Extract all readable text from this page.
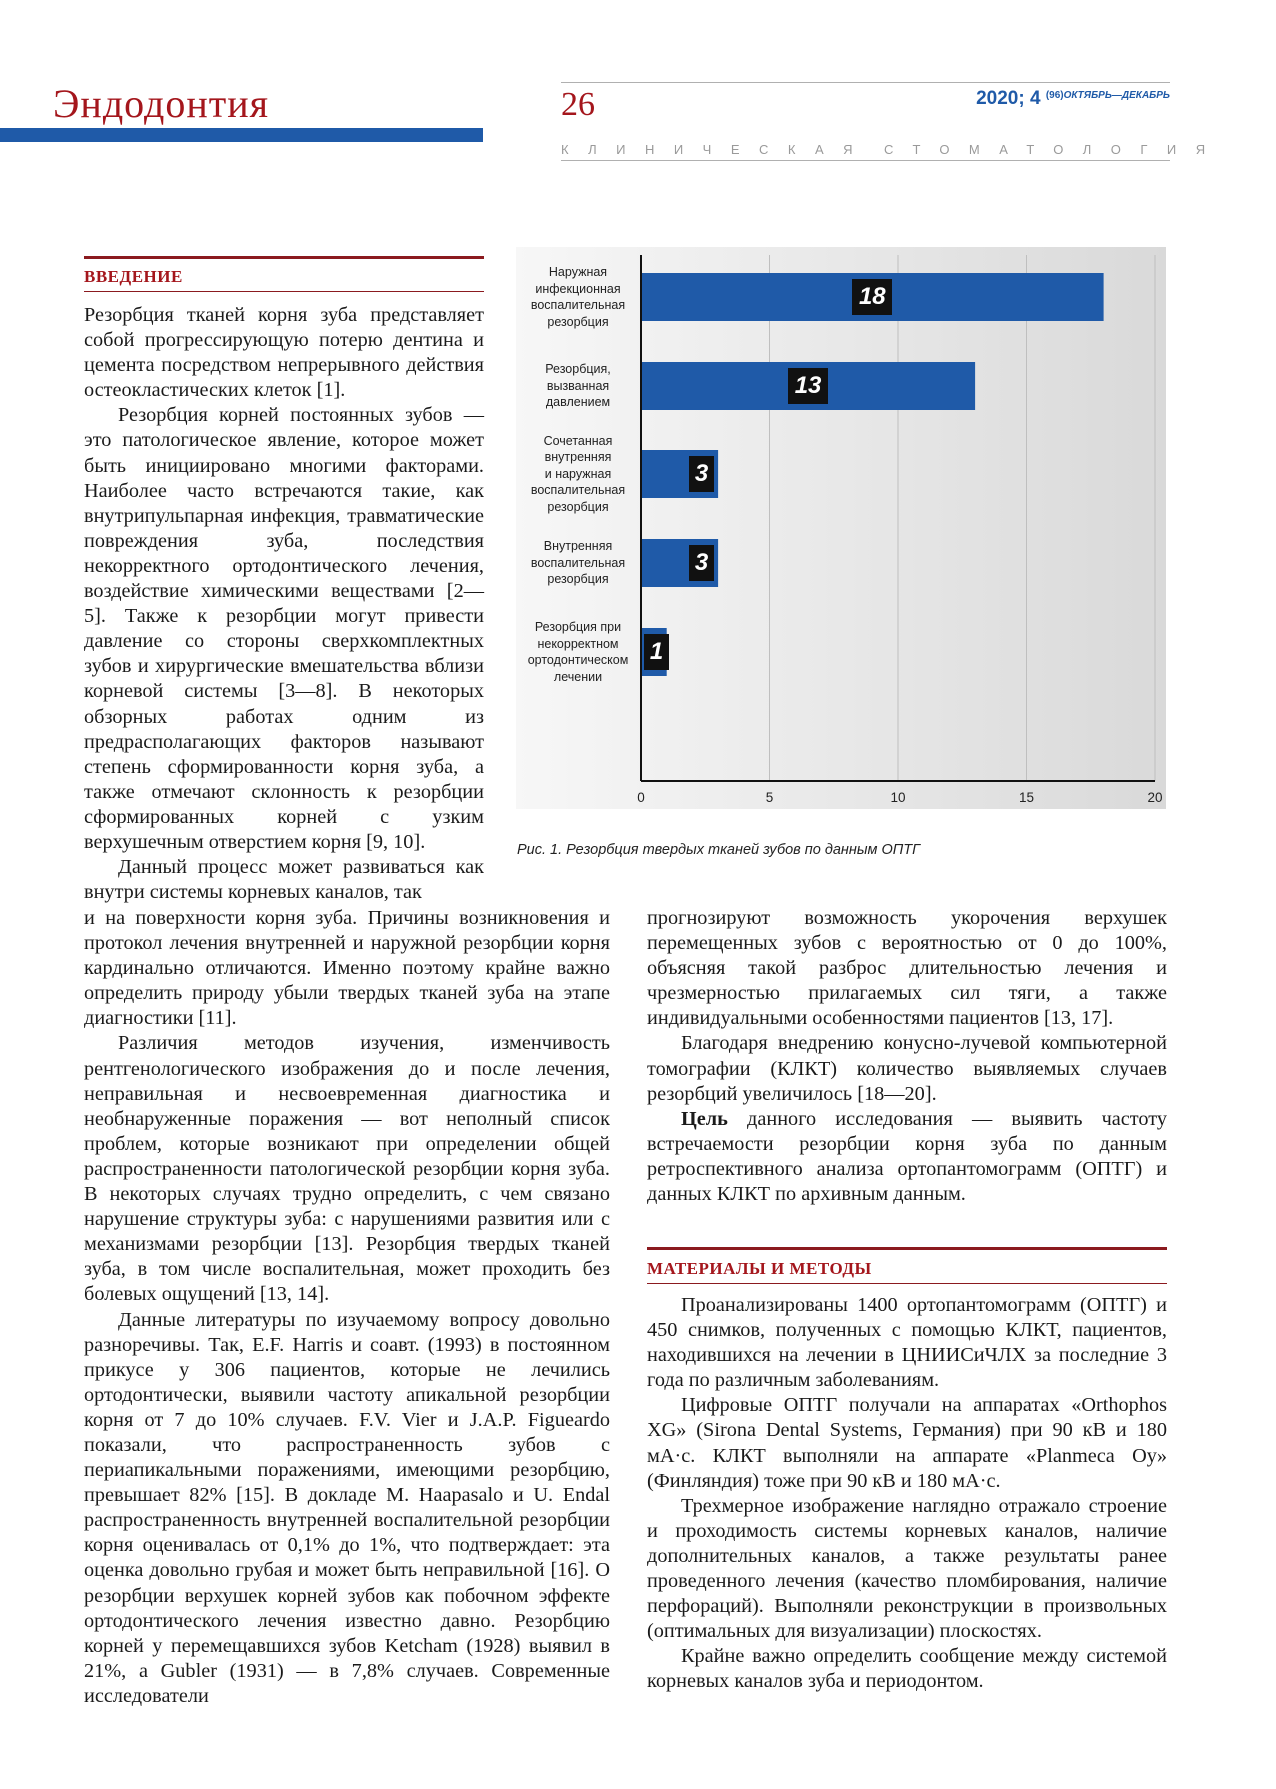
Эндодонтия	26	2020; 4 $^{(96)ОКТЯБРЬ—ДЕКАБРЬ}$
КЛИНИЧЕСКАЯ СТОМАТОЛОГИЯ
ВВЕДЕНИЕ

Резорбция тканей корня зуба представляет собой прогрессирующую потерю дентина и цемента посредством непрерывного действия остеокластических клеток [1].

Резорбция корней постоянных зубов — это патологическое явление, которое может быть инициировано многими факторами. Наиболее часто встречаются такие, как внутрипульпарная инфекция, травматические повреждения зуба, последствия некорректного ортодонтического лечения, воздействие химическими веществами [2—5]. Также к резорбции могут привести давление со стороны сверхкомплектных зубов и хирургические вмешательства вблизи корневой системы [3—8]. В некоторых обзорных работах одним из предрасполагающих факторов называют степень сформированности корня зуба, а также отмечают склонность к резорбции сформированных корней с узким верхушечным отверстием корня [9, 10].

Данный процесс может развиваться как внутри системы корневых каналов, так

и на поверхности корня зуба. Причины возникновения и протокол лечения внутренней и наружной резорбции корня кардинально отличаются. Именно поэтому крайне важно определить природу убыли твердых тканей зуба на этапе диагностики [11].

Различия методов изучения, изменчивость рентгенологического изображения до и после лечения, неправильная и несвоевременная диагностика и необнаруженные поражения — вот неполный список проблем, которые возникают при определении общей распространенности патологической резорбции корня зуба. В некоторых случаях трудно определить, с чем связано нарушение структуры зуба: с нарушениями развития или с механизмами резорбции [13]. Резорбция твердых тканей зуба, в том числе воспалительная, может проходить без болевых ощущений [13, 14].

Данные литературы по изучаемому вопросу довольно разноречивы. Так, E.F. Harris и соавт. (1993) в постоянном прикусе у 306 пациентов, которые не лечились ортодонтически, выявили частоту апикальной резорбции корня от 7 до 10% случаев. F.V. Vier и J.A.P. Figueardo показали, что распространенность зубов с периапикальными поражениями, имеющими резорбцию, превышает 82% [15]. В докладе M. Haapasalo и U. Endal распространенность внутренней воспалительной резорбции корня оценивалась от 0,1% до 1%, что подтверждает: эта оценка довольно грубая и может быть неправильной [16]. О резорбции верхушек корней зубов как побочном эффекте ортодонтического лечения известно давно. Резорбцию корней у перемещавшихся зубов Ketcham (1928) выявил в 21%, а Gubler (1931) — в 7,8% случаев. Современные исследователи

Наружная
инфекционная
воспалительная
резорбция
Резорбция,
вызванная
давлением
Сочетанная
внутренняя
и наружная
воспалительная
резорбция
Внутренняя
воспалительная
резорбция
Резорбция при
некорректном
ортодонтическом
лечении
18
13
3
3
1
0	5	10	15	20
Рис. 1. Резорбция твердых тканей зубов по данным ОПТГ

прогнозируют возможность укорочения верхушек перемещенных зубов с вероятностью от 0 до 100%, объясняя такой разброс длительностью лечения и чрезмерностью прилагаемых сил тяги, а также индивидуальными особенностями пациентов [13, 17].

Благодаря внедрению конусно-лучевой компьютерной томографии (КЛКТ) количество выявляемых случаев резорбций увеличилось [18—20].

Цель данного исследования — выявить частоту встречаемости резорбции корня зуба по данным ретроспективного анализа ортопантомограмм (ОПТГ) и данных КЛКТ по архивным данным.

МАТЕРИАЛЫ И МЕТОДЫ

Проанализированы 1400 ортопантомограмм (ОПТГ) и 450 снимков, полученных с помощью КЛКТ, пациентов, находившихся на лечении в ЦНИИСиЧЛХ за последние 3 года по различным заболеваниям.

Цифровые ОПТГ получали на аппаратах «Orthophos XG» (Sirona Dental Systems, Германия) при 90 кВ и 180 мА·с. КЛКТ выполняли на аппарате «Planmeca Oy» (Финляндия) тоже при 90 кВ и 180 мА·с.

Трехмерное изображение наглядно отражало строение и проходимость системы корневых каналов, наличие дополнительных каналов, а также результаты ранее проведенного лечения (качество пломбирования, наличие перфораций). Выполняли реконструкции в произвольных (оптимальных для визуализации) плоскостях.

Крайне важно определить сообщение между системой корневых каналов зуба и периодонтом.
